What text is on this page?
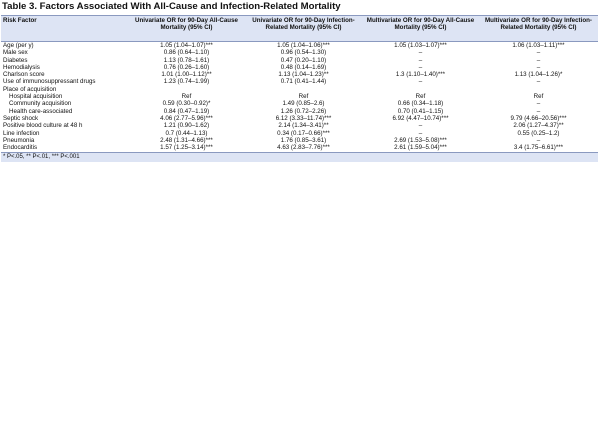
Table 3. Factors Associated With All-Cause and Infection-Related Mortality
Risk Factor	Univariate OR for 90-Day All-Cause Mortality (95% CI)	Univariate OR for 90-Day Infection-Related Mortality (95% CI)	Multivariate OR for 90-Day All-Cause Mortality (95% CI)	Multivariate OR for 90-Day Infection-Related Mortality (95% CI)
Age (per y)	1.05 (1.04–1.07)***	1.05 (1.04–1.06)***	1.05 (1.03–1.07)***	1.06 (1.03–1.11)***
Male sex	0.86 (0.64–1.10)	0.96 (0.54–1.30)	–	–
Diabetes	1.13 (0.78–1.61)	0.47 (0.20–1.10)	–	–
Hemodialysis	0.76 (0.26–1.60)	0.48 (0.14–1.69)	–	–
Charlson score	1.01 (1.00–1.12)**	1.13 (1.04–1.23)**	1.3 (1.10–1.40)***	1.13 (1.04–1.26)*
Use of immunosuppressant drugs	1.23 (0.74–1.99)	0.71 (0.41–1.44)	–	–
Place of acquisition				
Hospital acquisition	Ref	Ref	Ref	Ref
Community acquisition	0.59 (0.30–0.92)*	1.49 (0.85–2.6)	0.66 (0.34–1.18)	–
Health care-associated	0.84 (0.47–1.19)	1.26 (0.72–2.26)	0.70 (0.41–1.15)	–
Septic shock	4.06 (2.77–5.96)***	6.12 (3.33–11.74)***	6.92 (4.47–10.74)***	9.79 (4.66–20.56)***
Positive blood culture at 48 h	1.21 (0.90–1.62)	2.14 (1.34–3.41)**	–	2.06 (1.27–4.37)**
Line infection	0.7 (0.44–1.13)	0.34 (0.17–0.66)***	–	0.55 (0.25–1.2)
Pneumonia	2.48 (1.31–4.66)***	1.76 (0.85–3.61)	2.69 (1.53–5.08)***	–
Endocarditis	1.57 (1.25–3.14)***	4.63 (2.83–7.76)***	2.61 (1.59–5.04)***	3.4 (1.75–6.61)***
* P<.05, ** P<.01, *** P<.001
